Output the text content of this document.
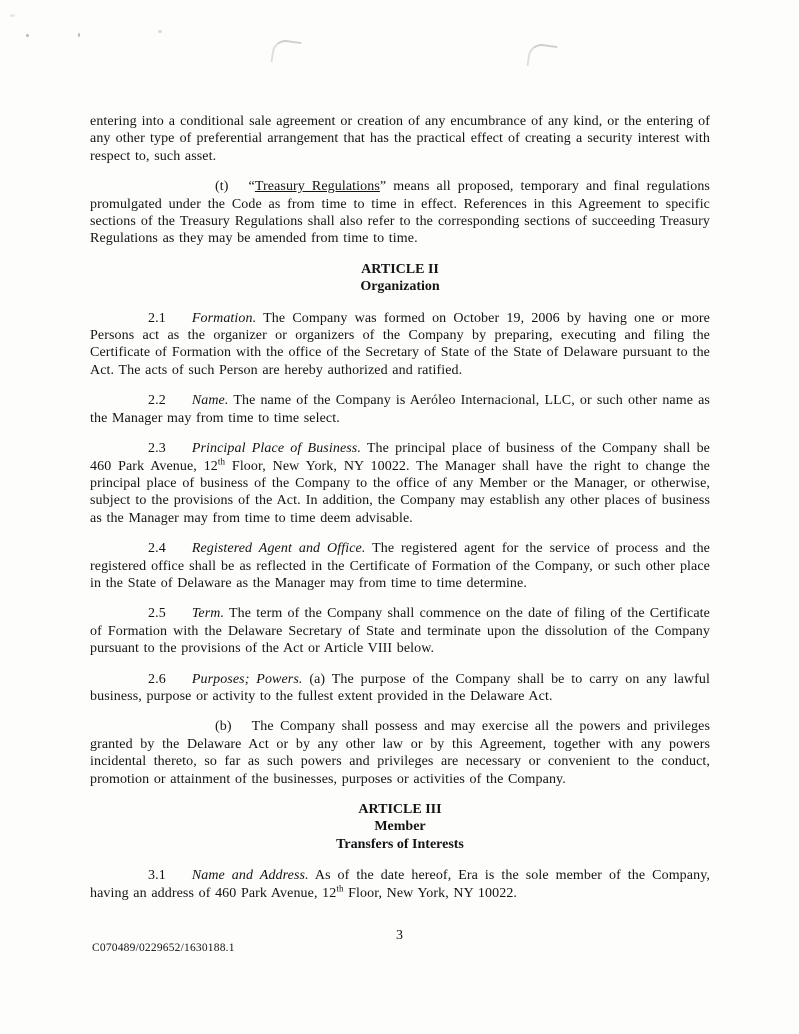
entering into a conditional sale agreement or creation of any encumbrance of any kind, or the entering of any other type of preferential arrangement that has the practical effect of creating a security interest with respect to, such asset.

(t) “Treasury Regulations” means all proposed, temporary and final regulations promulgated under the Code as from time to time in effect. References in this Agreement to specific sections of the Treasury Regulations shall also refer to the corresponding sections of succeeding Treasury Regulations as they may be amended from time to time.

ARTICLE II
Organization

2.1 Formation. The Company was formed on October 19, 2006 by having one or more Persons act as the organizer or organizers of the Company by preparing, executing and filing the Certificate of Formation with the office of the Secretary of State of the State of Delaware pursuant to the Act. The acts of such Person are hereby authorized and ratified.

2.2 Name. The name of the Company is Aeróleo Internacional, LLC, or such other name as the Manager may from time to time select.

2.3 Principal Place of Business. The principal place of business of the Company shall be 460 Park Avenue, 12th Floor, New York, NY 10022. The Manager shall have the right to change the principal place of business of the Company to the office of any Member or the Manager, or otherwise, subject to the provisions of the Act. In addition, the Company may establish any other places of business as the Manager may from time to time deem advisable.

2.4 Registered Agent and Office. The registered agent for the service of process and the registered office shall be as reflected in the Certificate of Formation of the Company, or such other place in the State of Delaware as the Manager may from time to time determine.

2.5 Term. The term of the Company shall commence on the date of filing of the Certificate of Formation with the Delaware Secretary of State and terminate upon the dissolution of the Company pursuant to the provisions of the Act or Article VIII below.

2.6 Purposes; Powers. (a) The purpose of the Company shall be to carry on any lawful business, purpose or activity to the fullest extent provided in the Delaware Act.

(b) The Company shall possess and may exercise all the powers and privileges granted by the Delaware Act or by any other law or by this Agreement, together with any powers incidental thereto, so far as such powers and privileges are necessary or convenient to the conduct, promotion or attainment of the businesses, purposes or activities of the Company.

ARTICLE III
Member
Transfers of Interests

3.1 Name and Address. As of the date hereof, Era is the sole member of the Company, having an address of 460 Park Avenue, 12th Floor, New York, NY 10022.

3
C070489/0229652/1630188.1
